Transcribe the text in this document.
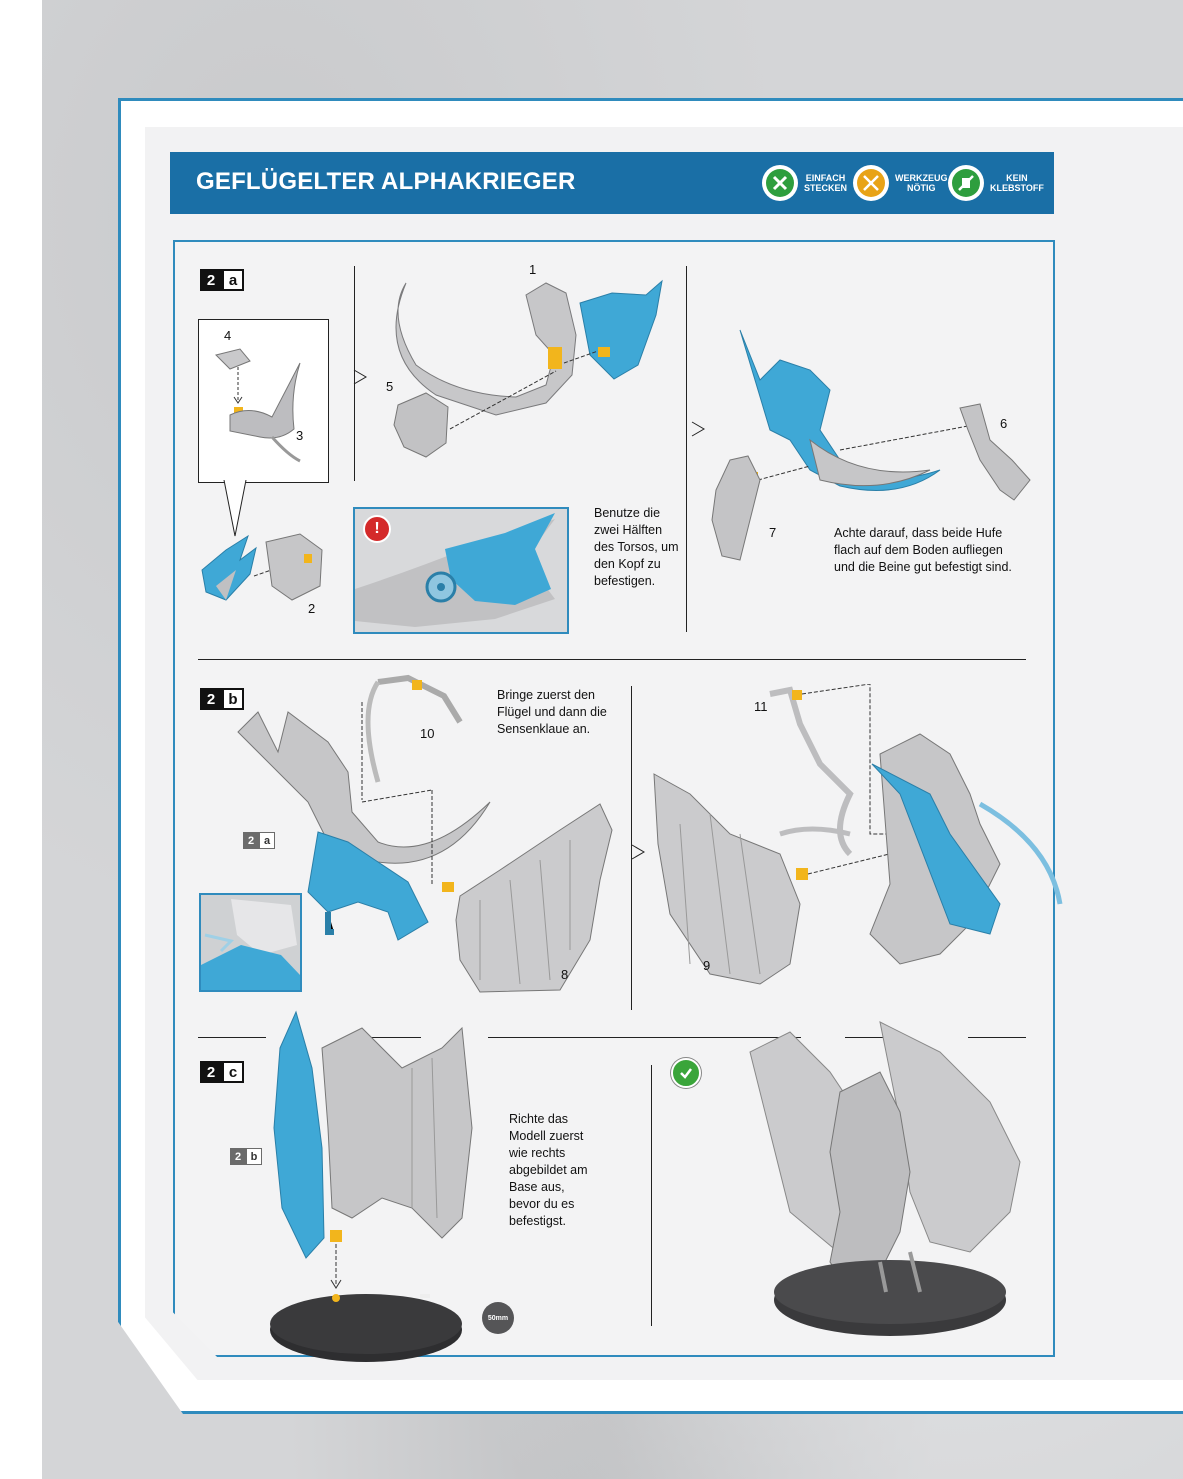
GEFLÜGELTER ALPHAKRIEGER	EINFACH
STECKEN
WERKZEUG
NÖTIG
KEIN
KLEBSTOFF
2 a
4
3
2
1
5
!

Benutze die zwei Hälften des Torsos, um den Kopf zu befestigen.

6
7	Achte darauf, dass beide Hufe flach auf dem Boden aufliegen und die Beine gut befestigt sind.

2 b
2 a
10
8

Bringe zuerst den Flügel und dann die Sensenklaue an.

11
9
2 c
2 b
50mm

Richte das Modell zuerst wie rechts abgebildet am Base aus, bevor du es befestigst.
